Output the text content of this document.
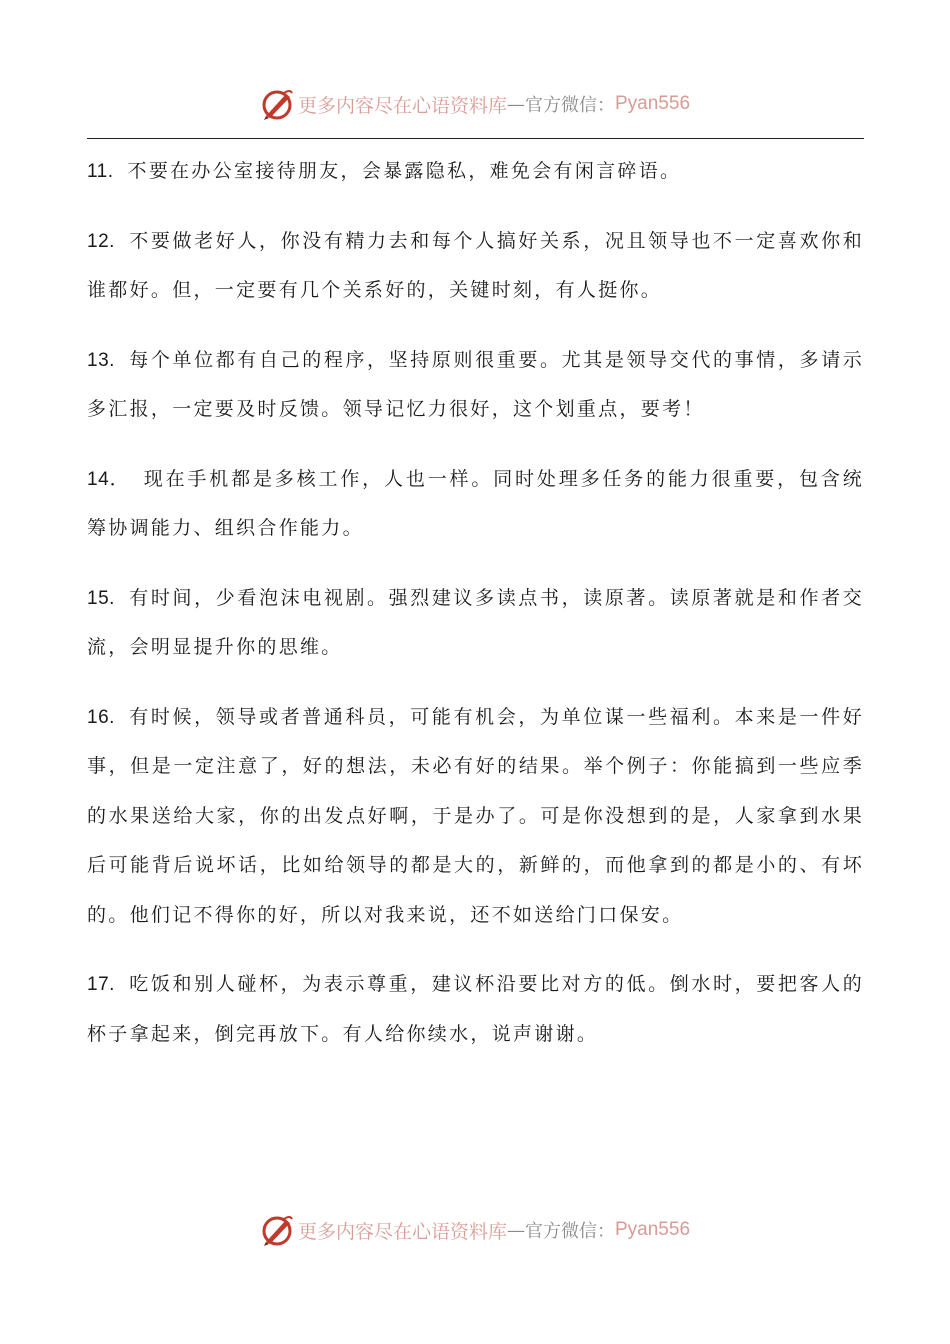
更多内容尽在心语资料库 — 官方微信： Pyan556

11. 不要在办公室接待朋友，会暴露隐私，难免会有闲言碎语。

12. 不要做老好人，你没有精力去和每个人搞好关系，况且领导也不一定喜欢你和谁都好。但，一定要有几个关系好的，关键时刻，有人挺你。

13. 每个单位都有自己的程序，坚持原则很重要。尤其是领导交代的事情，多请示多汇报，一定要及时反馈。领导记忆力很好，这个划重点，要考！

14． 现在手机都是多核工作，人也一样。同时处理多任务的能力很重要，包含统筹协调能力、组织合作能力。

15. 有时间，少看泡沫电视剧。强烈建议多读点书，读原著。读原著就是和作者交流，会明显提升你的思维。

16. 有时候，领导或者普通科员，可能有机会，为单位谋一些福利。本来是一件好事，但是一定注意了，好的想法，未必有好的结果。举个例子：你能搞到一些应季的水果送给大家，你的出发点好啊，于是办了。可是你没想到的是，人家拿到水果后可能背后说坏话，比如给领导的都是大的，新鲜的，而他拿到的都是小的、有坏的。他们记不得你的好，所以对我来说，还不如送给门口保安。

17. 吃饭和别人碰杯，为表示尊重，建议杯沿要比对方的低。倒水时，要把客人的杯子拿起来，倒完再放下。有人给你续水，说声谢谢。

更多内容尽在心语资料库 — 官方微信： Pyan556
